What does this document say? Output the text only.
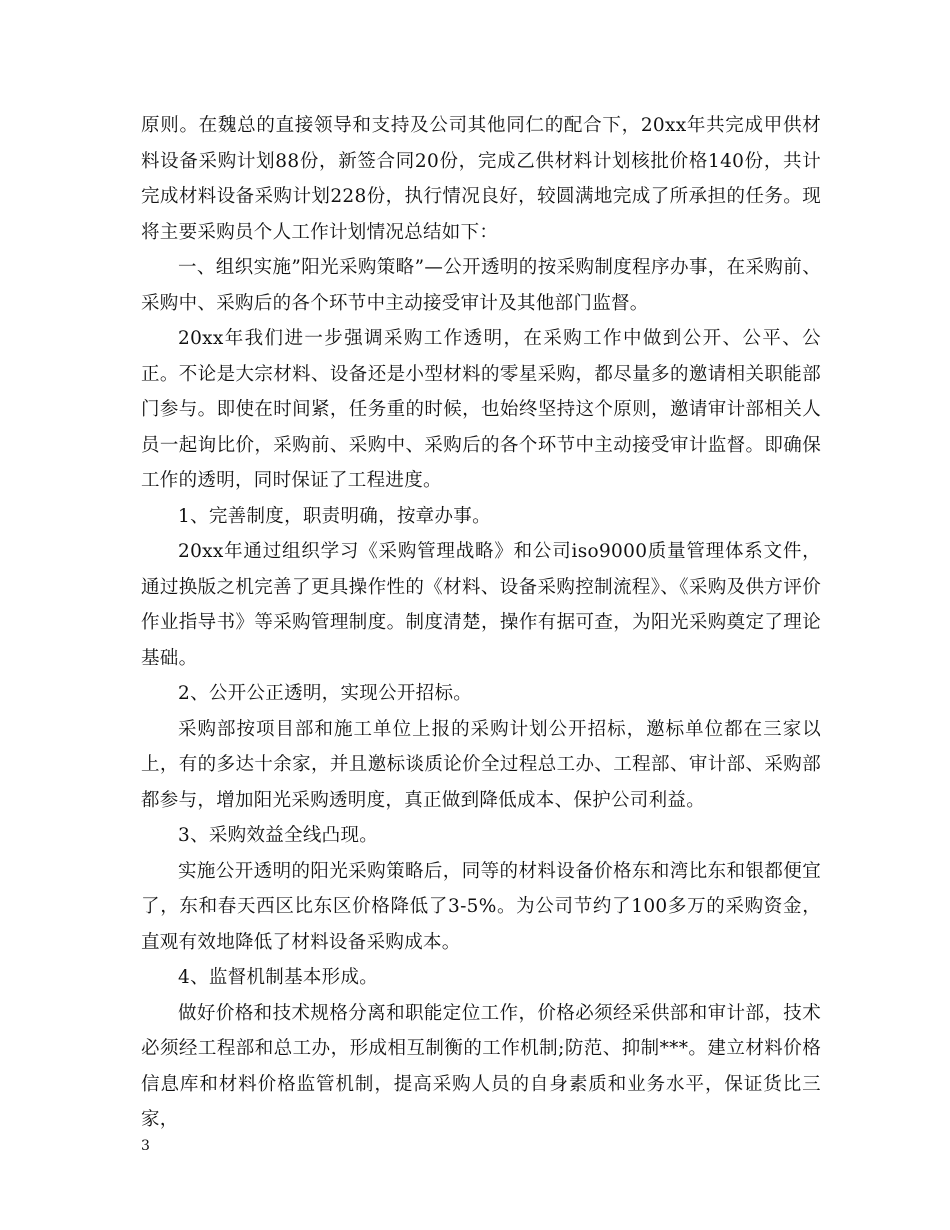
原则。在魏总的直接领导和支持及公司其他同仁的配合下，20xx年共完成甲供材料设备采购计划88份，新签合同20份，完成乙供材料计划核批价格140份，共计完成材料设备采购计划228份，执行情况良好，较圆满地完成了所承担的任务。现将主要采购员个人工作计划情况总结如下：

一、组织实施”阳光采购策略”—公开透明的按采购制度程序办事，在采购前、采购中、采购后的各个环节中主动接受审计及其他部门监督。

20xx年我们进一步强调采购工作透明，在采购工作中做到公开、公平、公正。不论是大宗材料、设备还是小型材料的零星采购，都尽量多的邀请相关职能部门参与。即使在时间紧，任务重的时候，也始终坚持这个原则，邀请审计部相关人员一起询比价，采购前、采购中、采购后的各个环节中主动接受审计监督。即确保工作的透明，同时保证了工程进度。

1、完善制度，职责明确，按章办事。

20xx年通过组织学习《采购管理战略》和公司iso9000质量管理体系文件，通过换版之机完善了更具操作性的《材料、设备采购控制流程》、《采购及供方评价作业指导书》等采购管理制度。制度清楚，操作有据可查，为阳光采购奠定了理论基础。

2、公开公正透明，实现公开招标。

采购部按项目部和施工单位上报的采购计划公开招标，邀标单位都在三家以上，有的多达十余家，并且邀标谈质论价全过程总工办、工程部、审计部、采购部都参与，增加阳光采购透明度，真正做到降低成本、保护公司利益。

3、采购效益全线凸现。

实施公开透明的阳光采购策略后，同等的材料设备价格东和湾比东和银都便宜了，东和春天西区比东区价格降低了3-5%。为公司节约了100多万的采购资金，直观有效地降低了材料设备采购成本。

4、监督机制基本形成。

做好价格和技术规格分离和职能定位工作，价格必须经采供部和审计部，技术必须经工程部和总工办，形成相互制衡的工作机制;防范、抑制***。建立材料价格信息库和材料价格监管机制，提高采购人员的自身素质和业务水平，保证货比三家，

3
